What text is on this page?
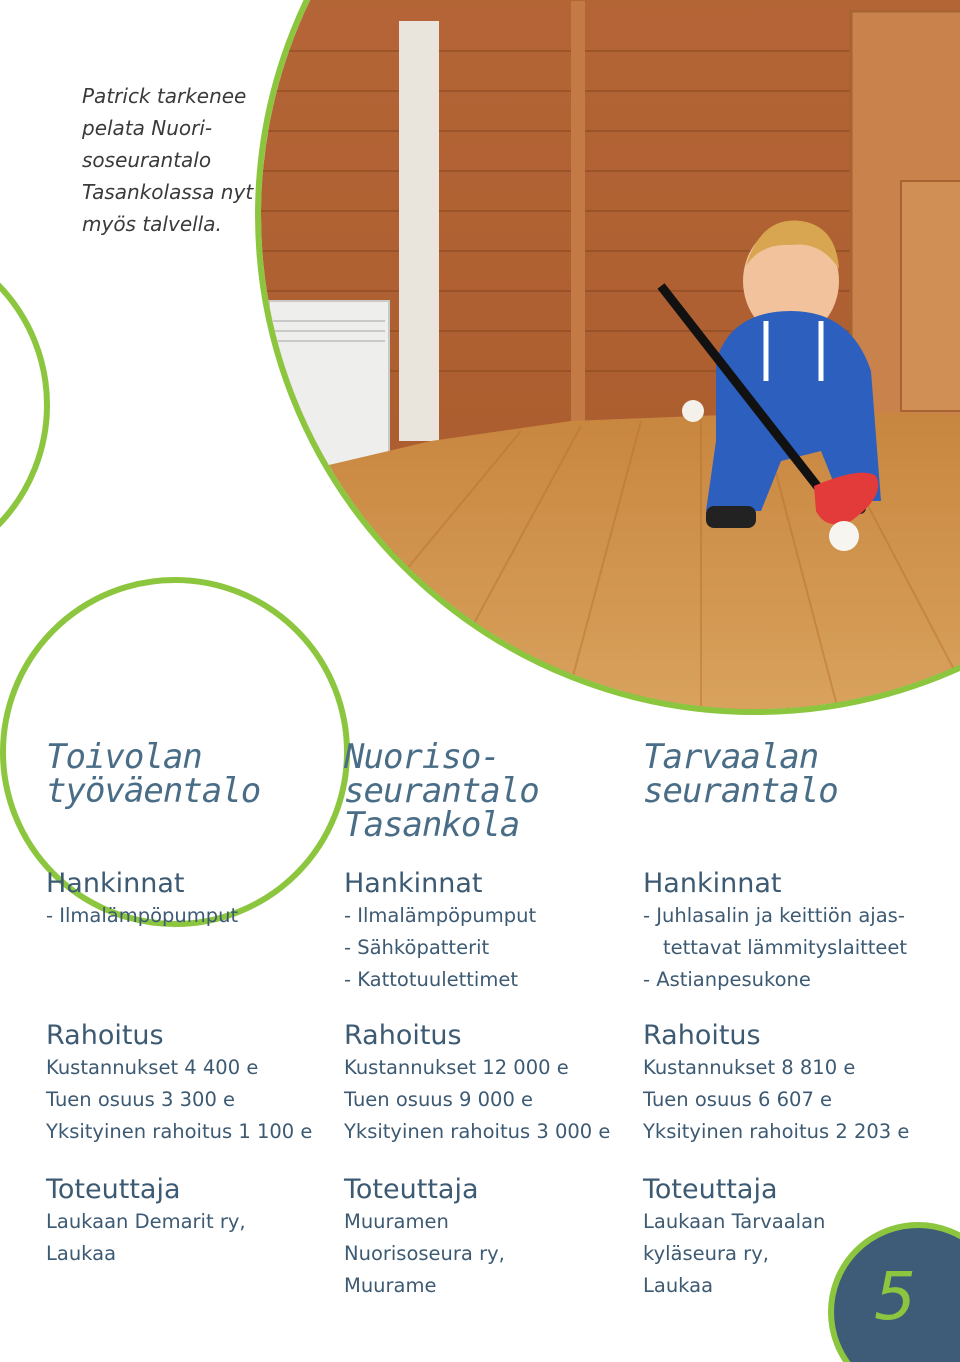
Patrick tarkenee
pelata Nuori-
soseurantalo
Tasankolassa nyt
myös talvella.
Toivolan
työväentalo

Hankinnat

- Ilmalämpöpumput

Rahoitus

Kustannukset 4 400 e

Tuen osuus 3 300 e

Yksityinen rahoitus 1 100 e

Toteuttaja

Laukaan Demarit ry,

Laukaa

Nuoriso-
seurantalo
Tasankola

Hankinnat

- Ilmalämpöpumput

- Sähköpatterit

- Kattotuulettimet

Rahoitus

Kustannukset 12 000 e

Tuen osuus 9 000 e

Yksityinen rahoitus 3 000 e

Toteuttaja

Muuramen

Nuorisoseura ry,

Muurame

Tarvaalan
seurantalo

Hankinnat

- Juhlasalin ja keittiön ajas-

tettavat lämmityslaitteet

- Astianpesukone

Rahoitus

Kustannukset 8 810 e

Tuen osuus 6 607 e

Yksityinen rahoitus 2 203 e

Toteuttaja

Laukaan Tarvaalan

kyläseura ry,

Laukaa	5
